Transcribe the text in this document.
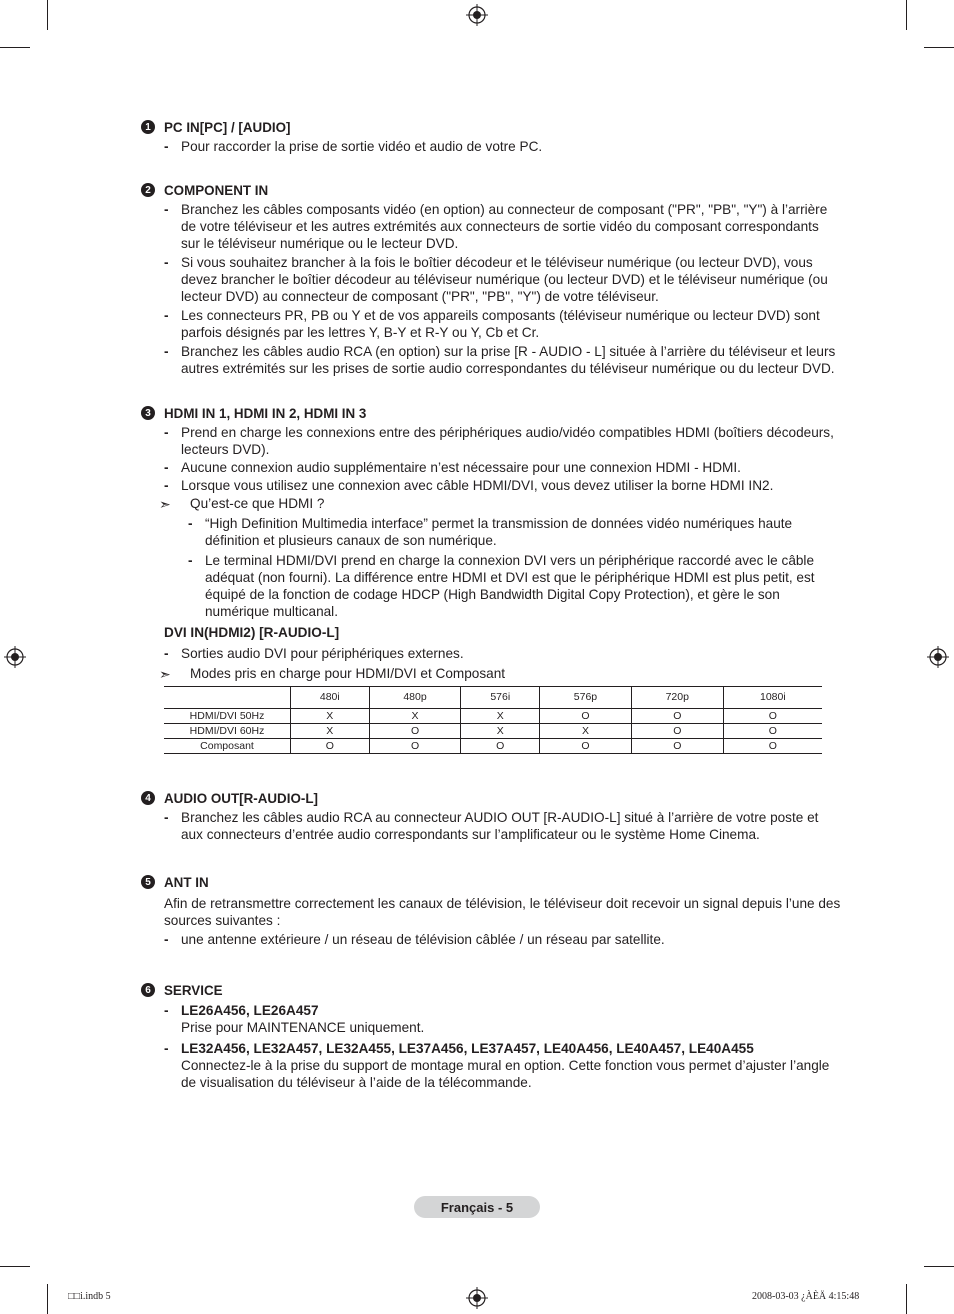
1 PC IN[PC] / [AUDIO]
- Pour raccorder la prise de sortie vidéo et audio de votre PC.
2 COMPONENT IN
- Branchez les câbles composants vidéo (en option) au connecteur de composant ("PR", "PB", "Y") à l’arrière de votre téléviseur et les autres extrémités aux connecteurs de sortie vidéo du composant correspondants sur le téléviseur numérique ou le lecteur DVD.
- Si vous souhaitez brancher à la fois le boîtier décodeur et le téléviseur numérique (ou lecteur DVD), vous devez brancher le boîtier décodeur au téléviseur numérique (ou lecteur DVD) et le téléviseur numérique (ou lecteur DVD) au connecteur de composant ("PR", "PB", "Y") de votre téléviseur.
- Les connecteurs PR, PB ou Y et de vos appareils composants (téléviseur numérique ou lecteur DVD) sont parfois désignés par les lettres Y, B-Y et R-Y ou Y, Cb et Cr.
- Branchez les câbles audio RCA (en option) sur la prise [R - AUDIO - L] située à l’arrière du téléviseur et leurs autres extrémités sur les prises de sortie audio correspondantes du téléviseur numérique ou du lecteur DVD.
3 HDMI IN 1, HDMI IN 2, HDMI IN 3
- Prend en charge les connexions entre des périphériques audio/vidéo compatibles HDMI (boîtiers décodeurs, lecteurs DVD).
- Aucune connexion audio supplémentaire n’est nécessaire pour une connexion HDMI - HDMI.
- Lorsque vous utilisez une connexion avec câble HDMI/DVI, vous devez utiliser la borne HDMI IN2.
➣ Qu’est-ce que HDMI ?
- “High Definition Multimedia interface” permet la transmission de données vidéo numériques haute définition et plusieurs canaux de son numérique.
- Le terminal HDMI/DVI prend en charge la connexion DVI vers un périphérique raccordé avec le câble adéquat (non fourni). La différence entre HDMI et DVI est que le périphérique HDMI est plus petit, est équipé de la fonction de codage HDCP (High Bandwidth Digital Copy Protection), et gère le son numérique multicanal.
DVI IN(HDMI2) [R-AUDIO-L]
- Sorties audio DVI pour périphériques externes.
➣ Modes pris en charge pour HDMI/DVI et Composant
	480i	480p	576i	576p	720p	1080i
HDMI/DVI 50Hz	X	X	X	O	O	O
HDMI/DVI 60Hz	X	O	X	X	O	O
Composant	O	O	O	O	O	O
4 AUDIO OUT[R-AUDIO-L]
- Branchez les câbles audio RCA au connecteur AUDIO OUT [R-AUDIO-L] situé à l’arrière de votre poste et aux connecteurs d’entrée audio correspondants sur l’amplificateur ou le système Home Cinema.
5 ANT IN
Afin de retransmettre correctement les canaux de télévision, le téléviseur doit recevoir un signal depuis l’une des sources suivantes :
- une antenne extérieure / un réseau de télévision câblée / un réseau par satellite.
6 SERVICE
- LE26A456, LE26A457
Prise pour MAINTENANCE uniquement.
- LE32A456, LE32A457, LE32A455, LE37A456, LE37A457, LE40A456, LE40A457, LE40A455
Connectez-le à la prise du support de montage mural en option. Cette fonction vous permet d’ajuster l’angle de visualisation du téléviseur à l’aide de la télécommande.
Français - 5
□□i.indb 5	2008-03-03 ¿ÀÈÄ 4:15:48
